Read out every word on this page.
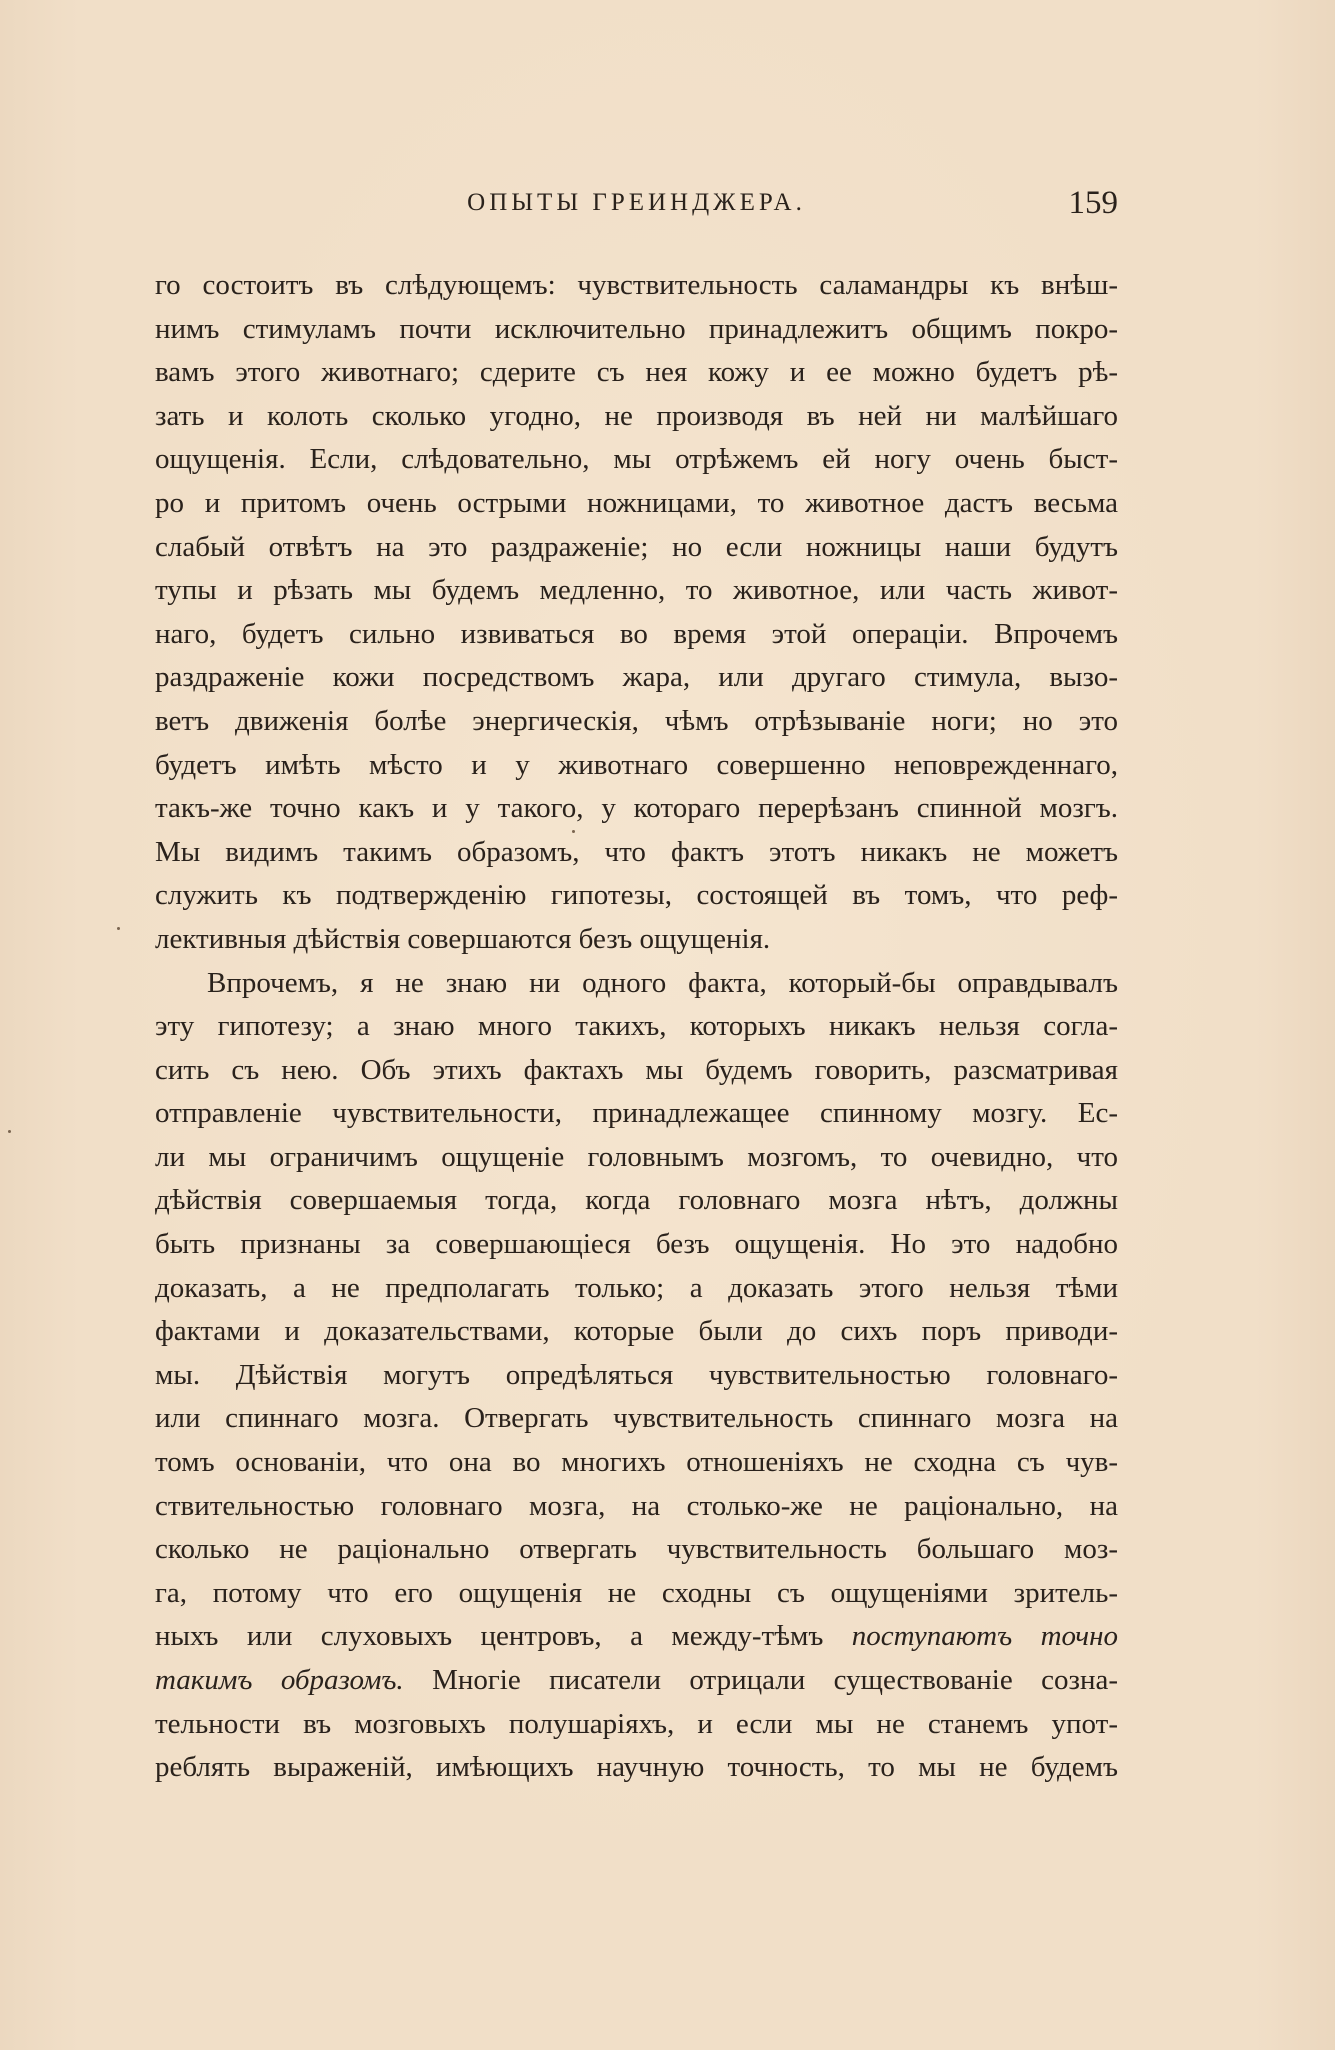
ОПЫТЫ ГРЕИНДЖЕРА.	159
го состоитъ въ слѣдующемъ: чувствительность саламандры къ внѣш-
нимъ стимуламъ почти исключительно принадлежитъ общимъ покро-
вамъ этого животнаго; сдерите съ нея кожу и ее можно будетъ рѣ-
зать и колоть сколько угодно, не производя въ ней ни малѣйшаго
ощущенія. Если, слѣдовательно, мы отрѣжемъ ей ногу очень быст-
ро и притомъ очень острыми ножницами, то животное дастъ весьма
слабый отвѣтъ на это раздраженіе; но если ножницы наши будутъ
тупы и рѣзать мы будемъ медленно, то животное, или часть живот-
наго, будетъ сильно извиваться во время этой операціи. Впрочемъ
раздраженіе кожи посредствомъ жара, или другаго стимула, вызо-
ветъ движенія болѣе энергическія, чѣмъ отрѣзываніе ноги; но это
будетъ имѣть мѣсто и у животнаго совершенно неповрежденнаго,
такъ-же точно какъ и у такого, у котораго перерѣзанъ спинной мозгъ.
Мы видимъ такимъ образомъ, что фактъ этотъ никакъ не можетъ
служить къ подтвержденію гипотезы, состоящей въ томъ, что реф-
лективныя дѣйствія совершаются безъ ощущенія.
Впрочемъ, я не знаю ни одного факта, который-бы оправдывалъ
эту гипотезу; а знаю много такихъ, которыхъ никакъ нельзя согла-
сить съ нею. Объ этихъ фактахъ мы будемъ говорить, разсматривая
отправленіе чувствительности, принадлежащее спинному мозгу. Ес-
ли мы ограничимъ ощущеніе головнымъ мозгомъ, то очевидно, что
дѣйствія совершаемыя тогда, когда головнаго мозга нѣтъ, должны
быть признаны за совершающіеся безъ ощущенія. Но это надобно
доказать, а не предполагать только; а доказать этого нельзя тѣми
фактами и доказательствами, которые были до сихъ поръ приводи-
мы. Дѣйствія могутъ опредѣляться чувствительностью головнаго-
или спиннаго мозга. Отвергать чувствительность спиннаго мозга на
томъ основаніи, что она во многихъ отношеніяхъ не сходна съ чув-
ствительностью головнаго мозга, на столько-же не раціонально, на
сколько не раціонально отвергать чувствительность большаго моз-
га, потому что его ощущенія не сходны съ ощущеніями зритель-
ныхъ или слуховыхъ центровъ, а между-тѣмъ поступаютъ точно
такимъ образомъ. Многіе писатели отрицали существованіе созна-
тельности въ мозговыхъ полушаріяхъ, и если мы не станемъ упот-
реблять выраженій, имѣющихъ научную точность, то мы не будемъ
